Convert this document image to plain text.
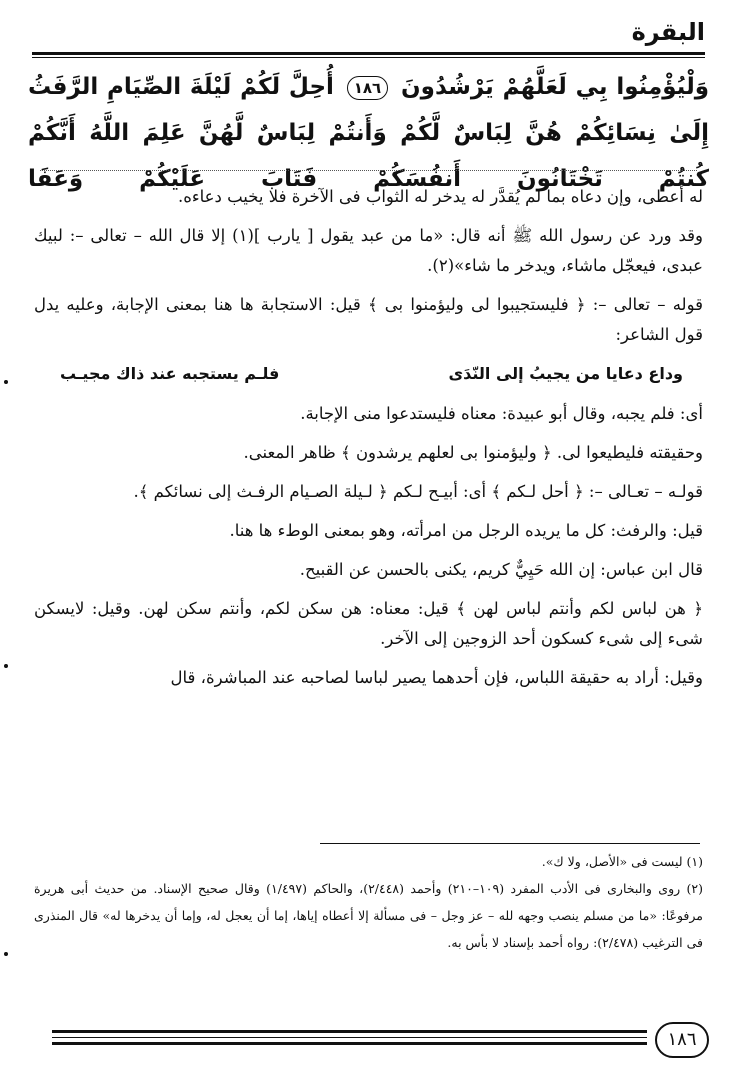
البقرة
وَلْيُؤْمِنُوا بِي لَعَلَّهُمْ يَرْشُدُونَ ١٨٦ أُحِلَّ لَكُمْ لَيْلَةَ الصِّيَامِ الرَّفَثُ إِلَىٰ نِسَائِكُمْ هُنَّ لِبَاسٌ لَّكُمْ وَأَنتُمْ لِبَاسٌ لَّهُنَّ عَلِمَ اللَّهُ أَنَّكُمْ كُنتُمْ تَخْتَانُونَ أَنفُسَكُمْ فَتَابَ عَلَيْكُمْ وَعَفَا

له أعطى، وإن دعاه بما لم يُقدَّر له يدخر له الثواب فى الآخرة فلا يخيب دعاءه.

وقد ورد عن رسول الله ﷺ أنه قال: «ما من عبد يقول [ يارب ](١) إلا قال الله – تعالى –: لبيك عبدى، فيعجّل ماشاء، ويدخر ما شاء»(٢).

قوله – تعالى –: ﴿ فليستجيبوا لى وليؤمنوا بى ﴾ قيل: الاستجابة ها هنا بمعنى الإجابة، وعليه يدل قول الشاعر:

وداع دعايا من يجيبُ إلى النّدَى
فلـم يستجبه عند ذاك مجيـب

أى: فلم يجبه، وقال أبو عبيدة: معناه فليستدعوا منى الإجابة.

وحقيقته فليطيعوا لى. ﴿ وليؤمنوا بى لعلهم يرشدون ﴾ ظاهر المعنى.

قولـه – تعـالى –: ﴿ أحل لـكم ﴾ أى: أبيـح لـكم ﴿ لـيلة الصـيام الرفـث إلى نسائكم ﴾.

قيل: والرفث: كل ما يريده الرجل من امرأته، وهو بمعنى الوطء ها هنا.

قال ابن عباس: إن الله حَيِيٌّ كريم، يكنى بالحسن عن القبيح.

﴿ هن لباس لكم وأنتم لباس لهن ﴾ قيل: معناه: هن سكن لكم، وأنتم سكن لهن. وقيل: لايسكن شىء إلى شىء كسكون أحد الزوجين إلى الآخر.

وقيل: أراد به حقيقة اللباس، فإن أحدهما يصير لباسا لصاحبه عند المباشرة، قال

(١) ليست فى «الأصل، ولا ك».

(٢) روى والبخارى فى الأدب المفرد (١٠٩–٢١٠) وأحمد (٢/٤٤٨)، والحاكم (١/٤٩٧) وقال صحيح الإسناد. من حديث أبى هريرة مرفوعًا: «ما من مسلم ينصب وجهه لله – عز وجل – فى مسألة إلا أعطاه إياها، إما أن يعجل له، وإما أن يدخرها له» قال المنذرى فى الترغيب (٢/٤٧٨): رواه أحمد بإسناد لا بأس به.

١٨٦
